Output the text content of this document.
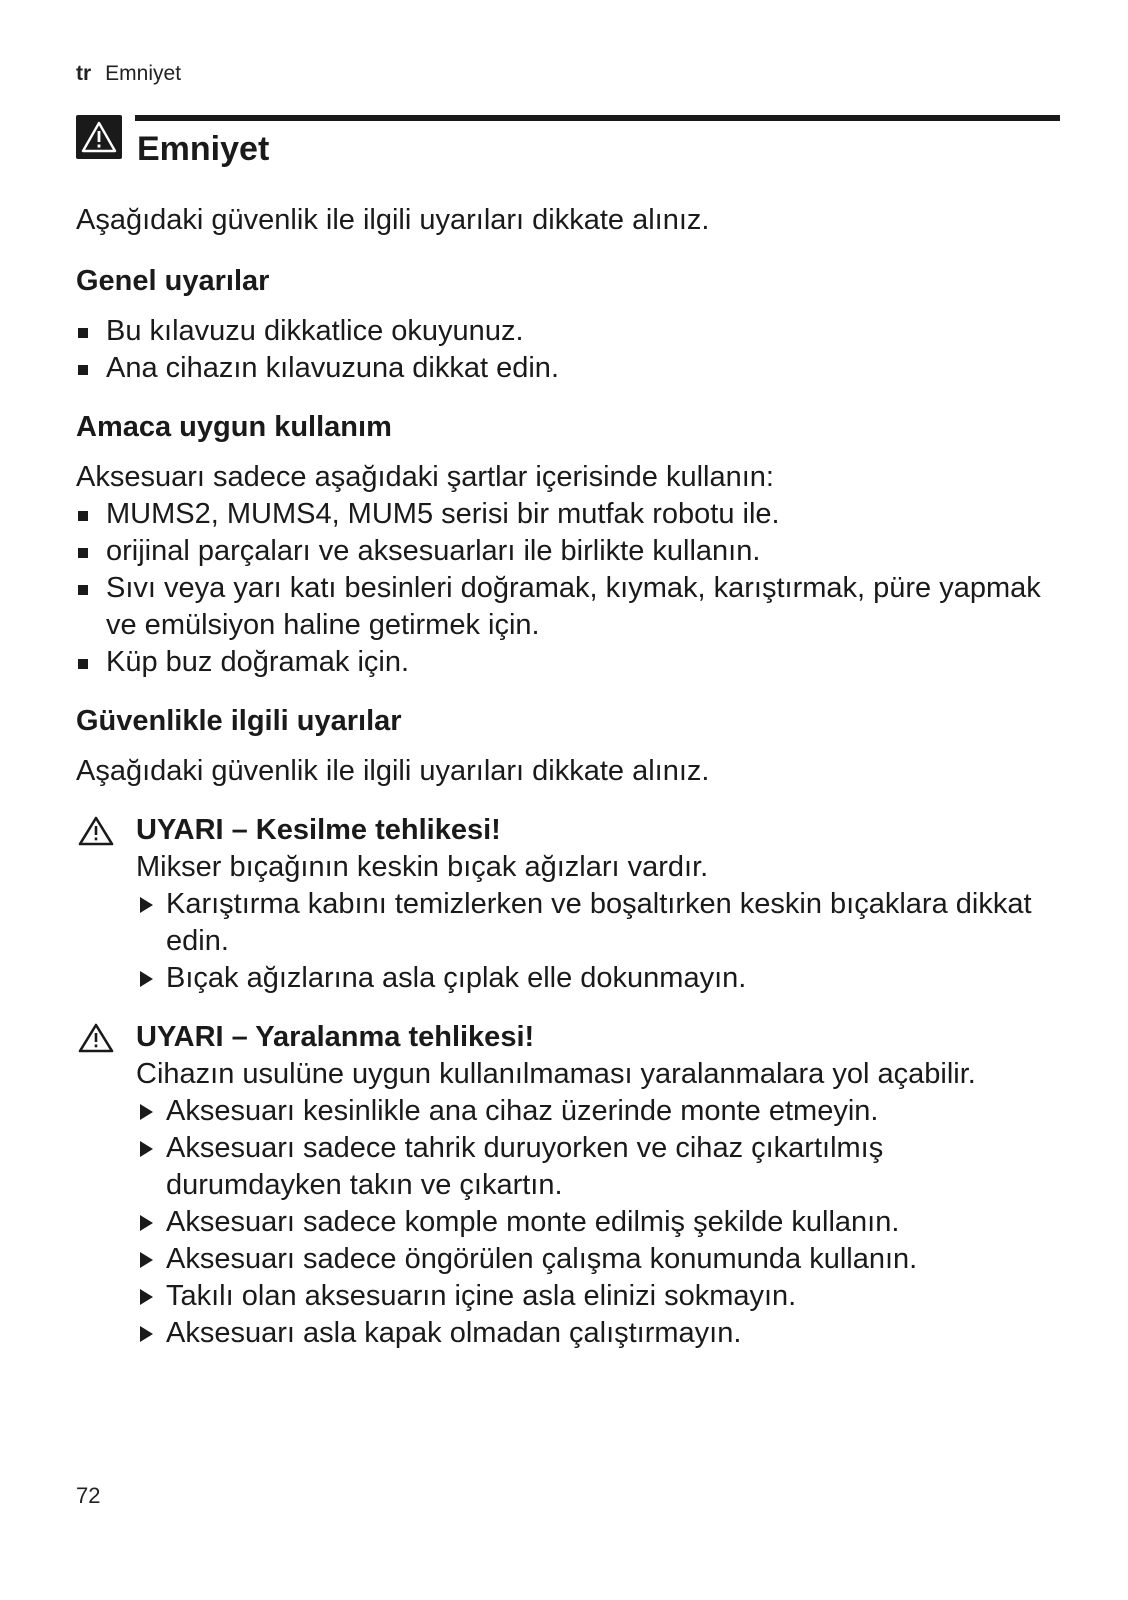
tr Emniyet
Emniyet

Aşağıdaki güvenlik ile ilgili uyarıları dikkate alınız.

Genel uyarılar
Bu kılavuzu dikkatlice okuyunuz.
Ana cihazın kılavuzuna dikkat edin.
Amaca uygun kullanım

Aksesuarı sadece aşağıdaki şartlar içerisinde kullanın:

MUMS2, MUMS4, MUM5 serisi bir mutfak robotu ile.
orijinal parçaları ve aksesuarları ile birlikte kullanın.
Sıvı veya yarı katı besinleri doğramak, kıymak, karıştırmak, püre yapmak ve emülsiyon haline getirmek için.
Küp buz doğramak için.
Güvenlikle ilgili uyarılar

Aşağıdaki güvenlik ile ilgili uyarıları dikkate alınız.

UYARI – Kesilme tehlikesi!

Mikser bıçağının keskin bıçak ağızları vardır.

Karıştırma kabını temizlerken ve boşaltırken keskin bıçaklara dikkat edin.
Bıçak ağızlarına asla çıplak elle dokunmayın.
UYARI – Yaralanma tehlikesi!

Cihazın usulüne uygun kullanılmaması yaralanmalara yol açabilir.

Aksesuarı kesinlikle ana cihaz üzerinde monte etmeyin.
Aksesuarı sadece tahrik duruyorken ve cihaz çıkartılmış durumdayken takın ve çıkartın.
Aksesuarı sadece komple monte edilmiş şekilde kullanın.
Aksesuarı sadece öngörülen çalışma konumunda kullanın.
Takılı olan aksesuarın içine asla elinizi sokmayın.
Aksesuarı asla kapak olmadan çalıştırmayın.
72
